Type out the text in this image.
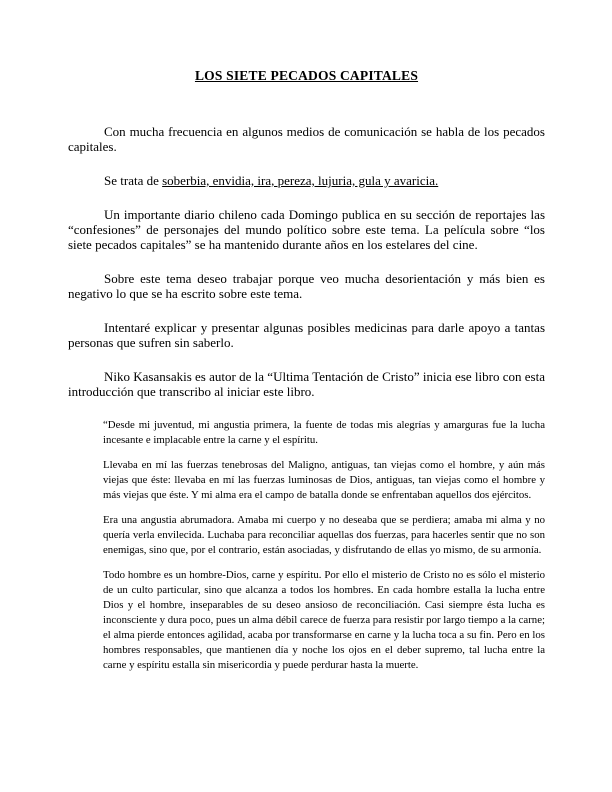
LOS SIETE PECADOS CAPITALES

Con mucha frecuencia en algunos medios de comunicación se habla de los pecados capitales.

Se trata de soberbia, envidia, ira, pereza, lujuria, gula y avaricia.

Un importante diario chileno cada Domingo publica en su sección de reportajes las “confesiones” de personajes del mundo político sobre este tema. La película sobre “los siete pecados capitales” se ha mantenido durante años en los estelares del cine.

Sobre este tema deseo trabajar porque veo mucha desorientación y más bien es negativo lo que se ha escrito sobre este tema.

Intentaré explicar y presentar algunas posibles medicinas para darle apoyo a tantas personas que sufren sin saberlo.

Niko Kasansakis es autor de la “Ultima Tentación de Cristo” inicia ese libro con esta introducción que transcribo al iniciar este libro.

“Desde mi juventud, mi angustia primera, la fuente de todas mis alegrías y amarguras fue la lucha incesante e implacable entre la carne y el espíritu.

Llevaba en mí las fuerzas tenebrosas del Maligno, antiguas, tan viejas como el hombre, y aún más viejas que éste: llevaba en mí las fuerzas luminosas de Dios, antiguas, tan viejas como el hombre y más viejas que éste. Y mi alma era el campo de batalla donde se enfrentaban aquellos dos ejércitos.

Era una angustia abrumadora. Amaba mi cuerpo y no deseaba que se perdiera; amaba mi alma y no quería verla envilecida. Luchaba para reconciliar aquellas dos fuerzas, para hacerles sentir que no son enemigas, sino que, por el contrario, están asociadas, y disfrutando de ellas yo mismo, de su armonía.

Todo hombre es un hombre-Dios, carne y espíritu. Por ello el misterio de Cristo no es sólo el misterio de un culto particular, sino que alcanza a todos los hombres. En cada hombre estalla la lucha entre Dios y el hombre, inseparables de su deseo ansioso de reconciliación. Casi siempre ésta lucha es inconsciente y dura poco, pues un alma débil carece de fuerza para resistir por largo tiempo a la carne; el alma pierde entonces agilidad, acaba por transformarse en carne y la lucha toca a su fin. Pero en los hombres responsables, que mantienen día y noche los ojos en el deber supremo, tal lucha entre la carne y espíritu estalla sin misericordia y puede perdurar hasta la muerte.
